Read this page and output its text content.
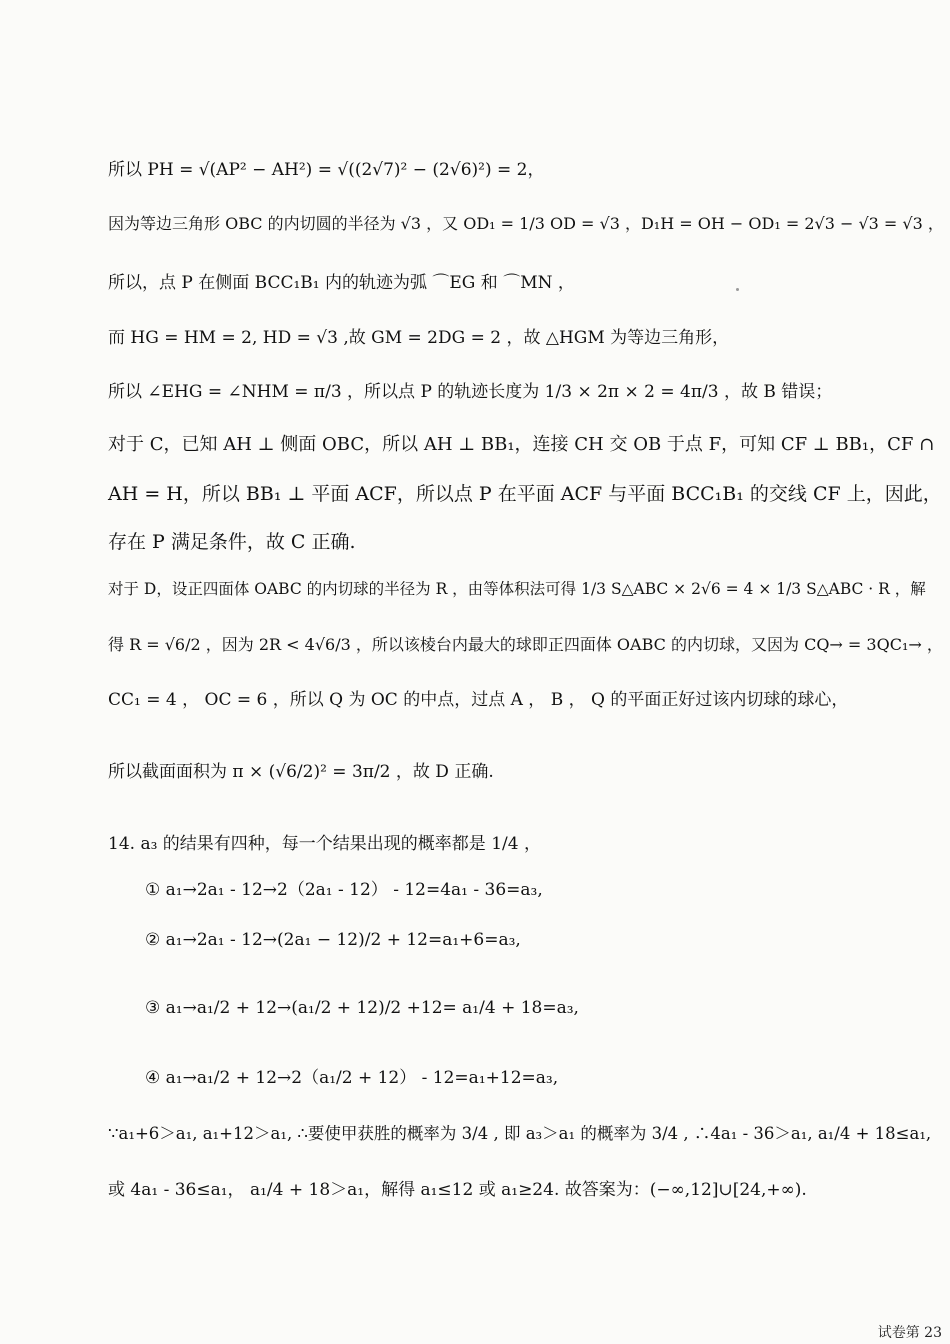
所以 PH = √(AP² − AH²) = √((2√7)² − (2√6)²) = 2，
因为等边三角形 OBC 的内切圆的半径为 √3 ，又 OD₁ = 1/3 OD = √3 ，D₁H = OH − OD₁ = 2√3 − √3 = √3 ，
所以，点 P 在侧面 BCC₁B₁ 内的轨迹为弧 ⌒EG 和 ⌒MN ，
而 HG = HM = 2, HD = √3 ,故 GM = 2DG = 2 ，故 △HGM 为等边三角形，
所以 ∠EHG = ∠NHM = π/3 ，所以点 P 的轨迹长度为 1/3 × 2π × 2 = 4π/3 ，故 B 错误；
对于 C，已知 AH ⊥ 侧面 OBC，所以 AH ⊥ BB₁，连接 CH 交 OB 于点 F，可知 CF ⊥ BB₁，CF ∩
AH = H，所以 BB₁ ⊥ 平面 ACF，所以点 P 在平面 ACF 与平面 BCC₁B₁ 的交线 CF 上，因此，
存在 P 满足条件，故 C 正确.
对于 D，设正四面体 OABC 的内切球的半径为 R ，由等体积法可得 1/3 S△ABC × 2√6 = 4 × 1/3 S△ABC · R ，解
得 R = √6/2 ，因为 2R < 4√6/3 ，所以该棱台内最大的球即正四面体 OABC 的内切球，又因为 CQ→ = 3QC₁→ ，
CC₁ = 4 ， OC = 6 ，所以 Q 为 OC 的中点，过点 A ， B ， Q 的平面正好过该内切球的球心，
所以截面面积为 π × (√6/2)² = 3π/2 ，故 D 正确.
14. a₃ 的结果有四种，每一个结果出现的概率都是 1/4 ，
① a₁→2a₁ - 12→2（2a₁ - 12） - 12=4a₁ - 36=a₃,
② a₁→2a₁ - 12→(2a₁ − 12)/2 + 12=a₁+6=a₃,
③ a₁→a₁/2 + 12→(a₁/2 + 12)/2 +12= a₁/4 + 18=a₃,
④ a₁→a₁/2 + 12→2（a₁/2 + 12） - 12=a₁+12=a₃,
∵a₁+6＞a₁, a₁+12＞a₁, ∴要使甲获胜的概率为 3/4 , 即 a₃＞a₁ 的概率为 3/4 , ∴4a₁ - 36＞a₁, a₁/4 + 18≤a₁,
或 4a₁ - 36≤a₁， a₁/4 + 18＞a₁，解得 a₁≤12 或 a₁≥24. 故答案为：(−∞,12]∪[24,+∞).
试卷第 23
